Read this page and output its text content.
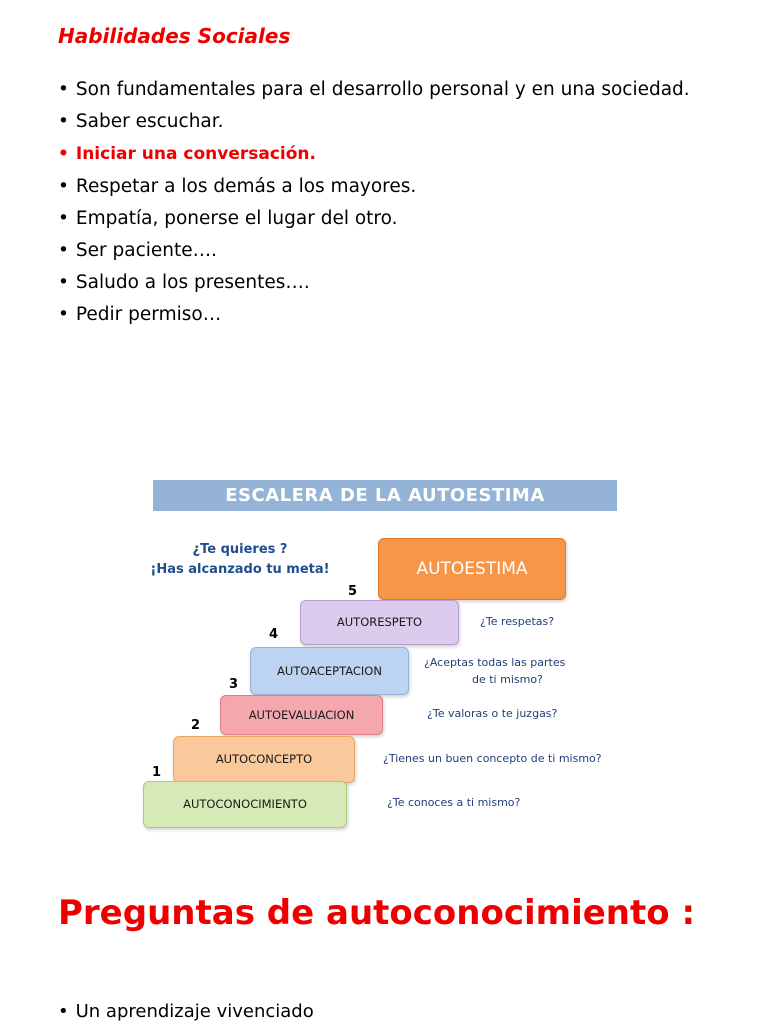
Habilidades Sociales
• Son fundamentales para el desarrollo personal y en una sociedad.
• Saber escuchar.
• Iniciar una conversación.
• Respetar a los demás a los mayores.
• Empatía, ponerse el lugar del otro.
• Ser paciente….
• Saludo a los presentes….
• Pedir permiso…
ESCALERA DE LA AUTOESTIMA
¿Te quieres ?
¡Has alcanzado tu meta!	AUTOESTIMA
5
AUTORESPETO	¿Te respetas?
4
AUTOACEPTACION
¿Aceptas todas las partes
de ti mismo?
3
AUTOEVALUACION	¿Te valoras o te juzgas?
2
AUTOCONCEPTO	¿Tienes un buen concepto de ti mismo?
1
AUTOCONOCIMIENTO	¿Te conoces a ti mismo?
Preguntas de autoconocimiento :
• Un aprendizaje vivenciado
